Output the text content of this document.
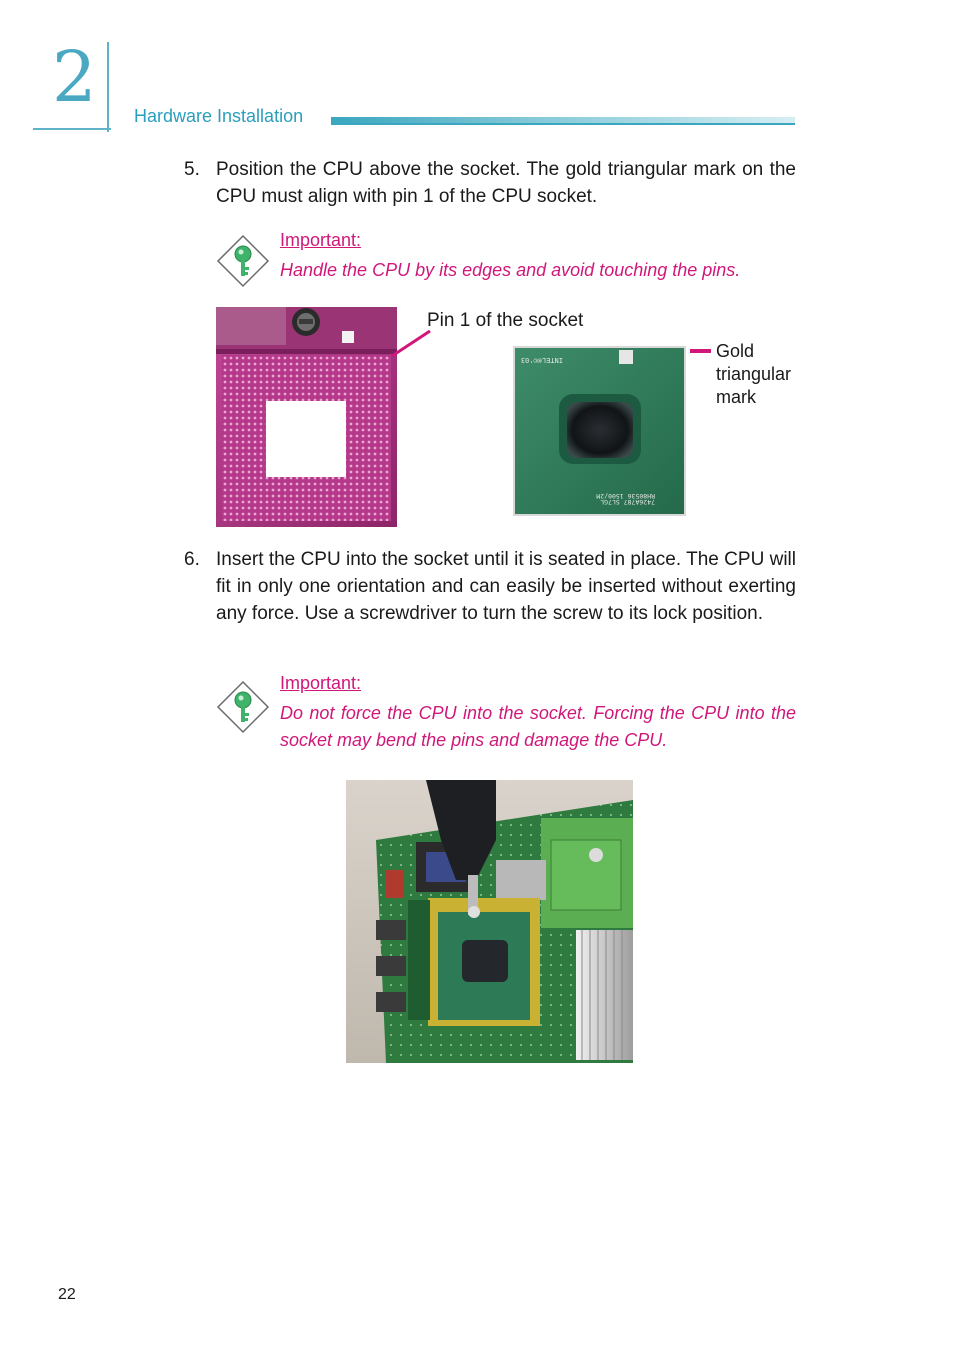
2 Hardware Installation
5. Position the CPU above the socket. The gold triangular mark on the CPU must align with pin 1 of the CPU socket.
Important:
Handle the CPU by its edges and avoid touching the pins.
Pin 1 of the socket
INTEL®©'03
RH80536 1500/2M
7426A787 SL7GL
Gold
triangular
mark
6. Insert the CPU into the socket until it is seated in place. The CPU will fit in only one orientation and can easily be inserted without exerting any force. Use a screwdriver to turn the screw to its lock position.
Important:
Do not force the CPU into the socket. Forcing the CPU into the socket may bend the pins and damage the CPU.
22
